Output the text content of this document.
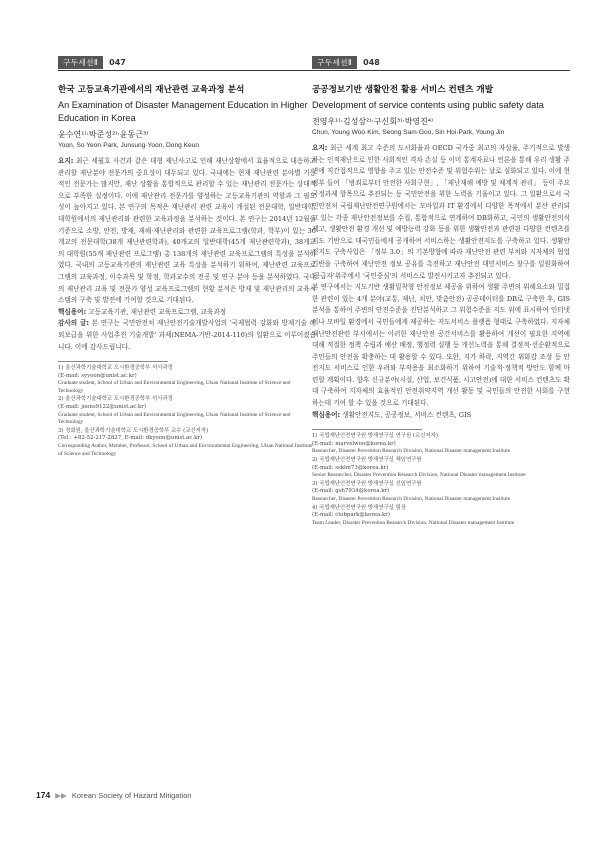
구두세션Ⅱ	047
한국 고등교육기관에서의 재난관련 교육과정 분석
An Examination of Disaster Management Education in Higher Education in Korea
윤수연¹⁾·박준성²⁾·윤동근³⁾
Yoon, So Yeon·Park, Junsung·Yoon, Dong Keun

요지: 최근 세월호 사건과 같은 대형 재난사고로 인해 재난상황에서 효율적으로 대응하고 관리할 재난분야 전문가의 중요성이 대두되고 있다. 국내에는 현재 재난관련 분야별 기능적인 전문가는 많지만, 재난 상황을 통합적으로 관리할 수 있는 재난관리 전문가는 상대적으로 부족한 실정이다. 이에 재난관리 전문가를 양성하는 고등교육기관의 역할과 그 필요성이 높아지고 있다. 본 연구의 목적은 재난관리 관련 교육이 개설된 전문대학, 일반대학, 대학원에서의 재난관리와 관련한 교육과정을 분석하는 것이다. 본 연구는 2014년 12월을 기준으로 소방, 안전, 방재, 재해·재난관리와 관련한 교육프로그램(학과, 학부)이 있는 36개교의 전문대학(38개 재난관련학과), 40개교의 일반대학(45개 재난관련학과), 38개교의 대학원(55개 재난관련 프로그램) 총 138개의 재난관련 교육프로그램의 특성을 분석하였다. 국내의 고등교육기관의 재난관련 교육 특성을 분석하기 위하여, 재난관련 교육프로그램의 교육과정, 이수과목 및 학점, 학과교수의 전공 및 연구 분야 등을 분석하였다. 국내의 재난관리 교육 및 전문가 양성 교육프로그램의 현황 분석은 방재 및 재난관리의 교육시스템의 구축 및 발전에 기여할 것으로 기대된다.

핵심용어: 고등교육기관, 재난관련 교육프로그램, 교육과정

감사의 글: 본 연구는 국민안전처 재난안전기술개발사업의 '국제협력 강화와 방재기술 해외보급을 위한 사업추진 기술개발' 과제(NEMA-기반-2014-110)의 일환으로 이루어졌습니다. 이에 감사드립니다.

1) 울산과학기술대학교 도시환경공학부 석사과정
(E-mail: syyoon@unist.ac.kr)
Graduate student, School of Urban and Environmental Engineering, Ulsan National Institute of Science and Technology
2) 울산과학기술대학교 도시환경공학부 석사과정
(E-mail: joons9122@unist.ac.kr)
Graduate student, School of Urban and Environmental Engineering, Ulsan National Institute of Science and Technology
3) 정회원, 울산과학기술대학교 도시환경공학부 교수 (교신저자)
(Tel : +82-52-217-2827, E-mail: dkyoon@unist.ac.kr)
Corresponding Author, Member, Professor, School of Urban and Environmental Engineering, Ulsan National Institute of Science and Technology
구두세션Ⅱ	048
공공정보기반 생활안전 활용 서비스 컨텐츠 개발
Development of service contents using public safety data
전영우¹⁾·김성삼²⁾·구신회³⁾·박영진⁴⁾
Chun, Young Woo·Kim, Seong Sam·Goo, Sin Hoi·Park, Young Jin

요지: 최근 세계 최고 수준의 도시화율과 OECD 국가중 최고의 자살율, 주기적으로 발생하는 인적재난으로 인한 사회적인 격차 손실 등 이미 통계자료나 언론을 통해 우리 생활 주변에 직간접적으로 영향을 주고 있는 안전수준 및 위험수위는 날로 심화되고 있다. 이에 현 정부 들어 「범죄로부터 안전한 사회구현」, 「재난재해 예방 및 체계적 관리」 등이 주요 국정과제 항목으로 추진되는 등 국민안전을 위한 노력을 기울이고 있다. 그 일환으로서 국민안전처 국립재난안전연구원에서는 모바일과 IT 환경에서 다양한 목적에서 분산 관리되고 있는 각종 재난안전정보를 수집, 통합적으로 연계하여 DB화하고, 국민의 생활안전의식 제고, 생활안전 환경 개선 및 예방능력 강화 등을 위한 생활안전과 관련된 다양한 컨텐츠를 지도 기반으로 대국민들에게 공개하여 서비스하는 생활안전지도를 구축하고 있다. 생활안전지도 구축사업은 「정부 3.0」의 기본방향에 따라 재난안전 관련 부처와 지자체의 협업기반을 구축하여 재난안전 정보 공유를 촉진하고 재난안전 대민서비스 창구를 일원화하여 '공급자'위주에서 '국민중심'의 서비스로 발전시키고자 추진되고 있다.

본 연구에서는 지도기반 생활밀착형 안전정보 제공을 위하여 생활 주변의 위해요소와 밀접한 관련이 있는 4개 분야(교통, 재난, 치안, 맞춤안전) 공공데이터를 DB로 구축한 후, GIS 분석을 통하여 주변의 안전수준을 진단분석하고 그 위험수준을 지도 위에 표시하여 인터넷이나 모바일 환경에서 국민들에게 제공하는 지도서비스 플랫폼 형태로 구축하였다. 지자체 재난안전관련 부서에서는 이러한 재난안전 공간서비스를 활용하여 개선이 필요한 지역에 대해 적절한 정책 수립과 예산 배정, 행정력 실행 등 개선노력을 통해 결정적·선순환적으로 주민들의 안전을 확충하는 데 활용할 수 있다. 또한, 지가 하락, 지역간 위화감 조성 등 안전지도 서비스로 인한 우려와 부작용을 최소화하기 위하여 기술적·정책적 방안도 함께 마련할 계획이다. 향후 신규분야(시설, 산업, 보건식품, 시고안전)에 대한 서비스 컨텐츠도 확대 구축하여 지자체의 효율적인 안전취약지역 개선 활동 및 국민들의 안전한 사회를 구현하는데 기여 할 수 있을 것으로 기대된다.

핵심용어: 생활안전지도, 공공정보, 서비스 컨텐츠, GIS

1) 국립재난안전연구원 방재연구실 연구원 (교신저자)
(E-mail: marvelwoo@korea.kr)
Researcher, Disaster Prevention Research Division, National Disaster management Institute
2) 국립재난안전연구원 방재연구실 책임연구원
(E-mail: sskim73@korea.kr)
Senior Researcher, Disaster Prevention Research Division, National Disaster management Institute
3) 국립재난안전연구원 방재연구실 선임연구원
(E-mail: gsh7934@korea.kr)
Researcher, Disaster Prevention Research Division, National Disaster management Institute
4) 국립재난안전연구원 방재연구실 팀장
(E-mail: clubpark@korea.kr)
Team Leader, Disaster Prevention Research Division, National Disaster management Institute
174 ▶▶ Korean Society of Hazard Mitigation
